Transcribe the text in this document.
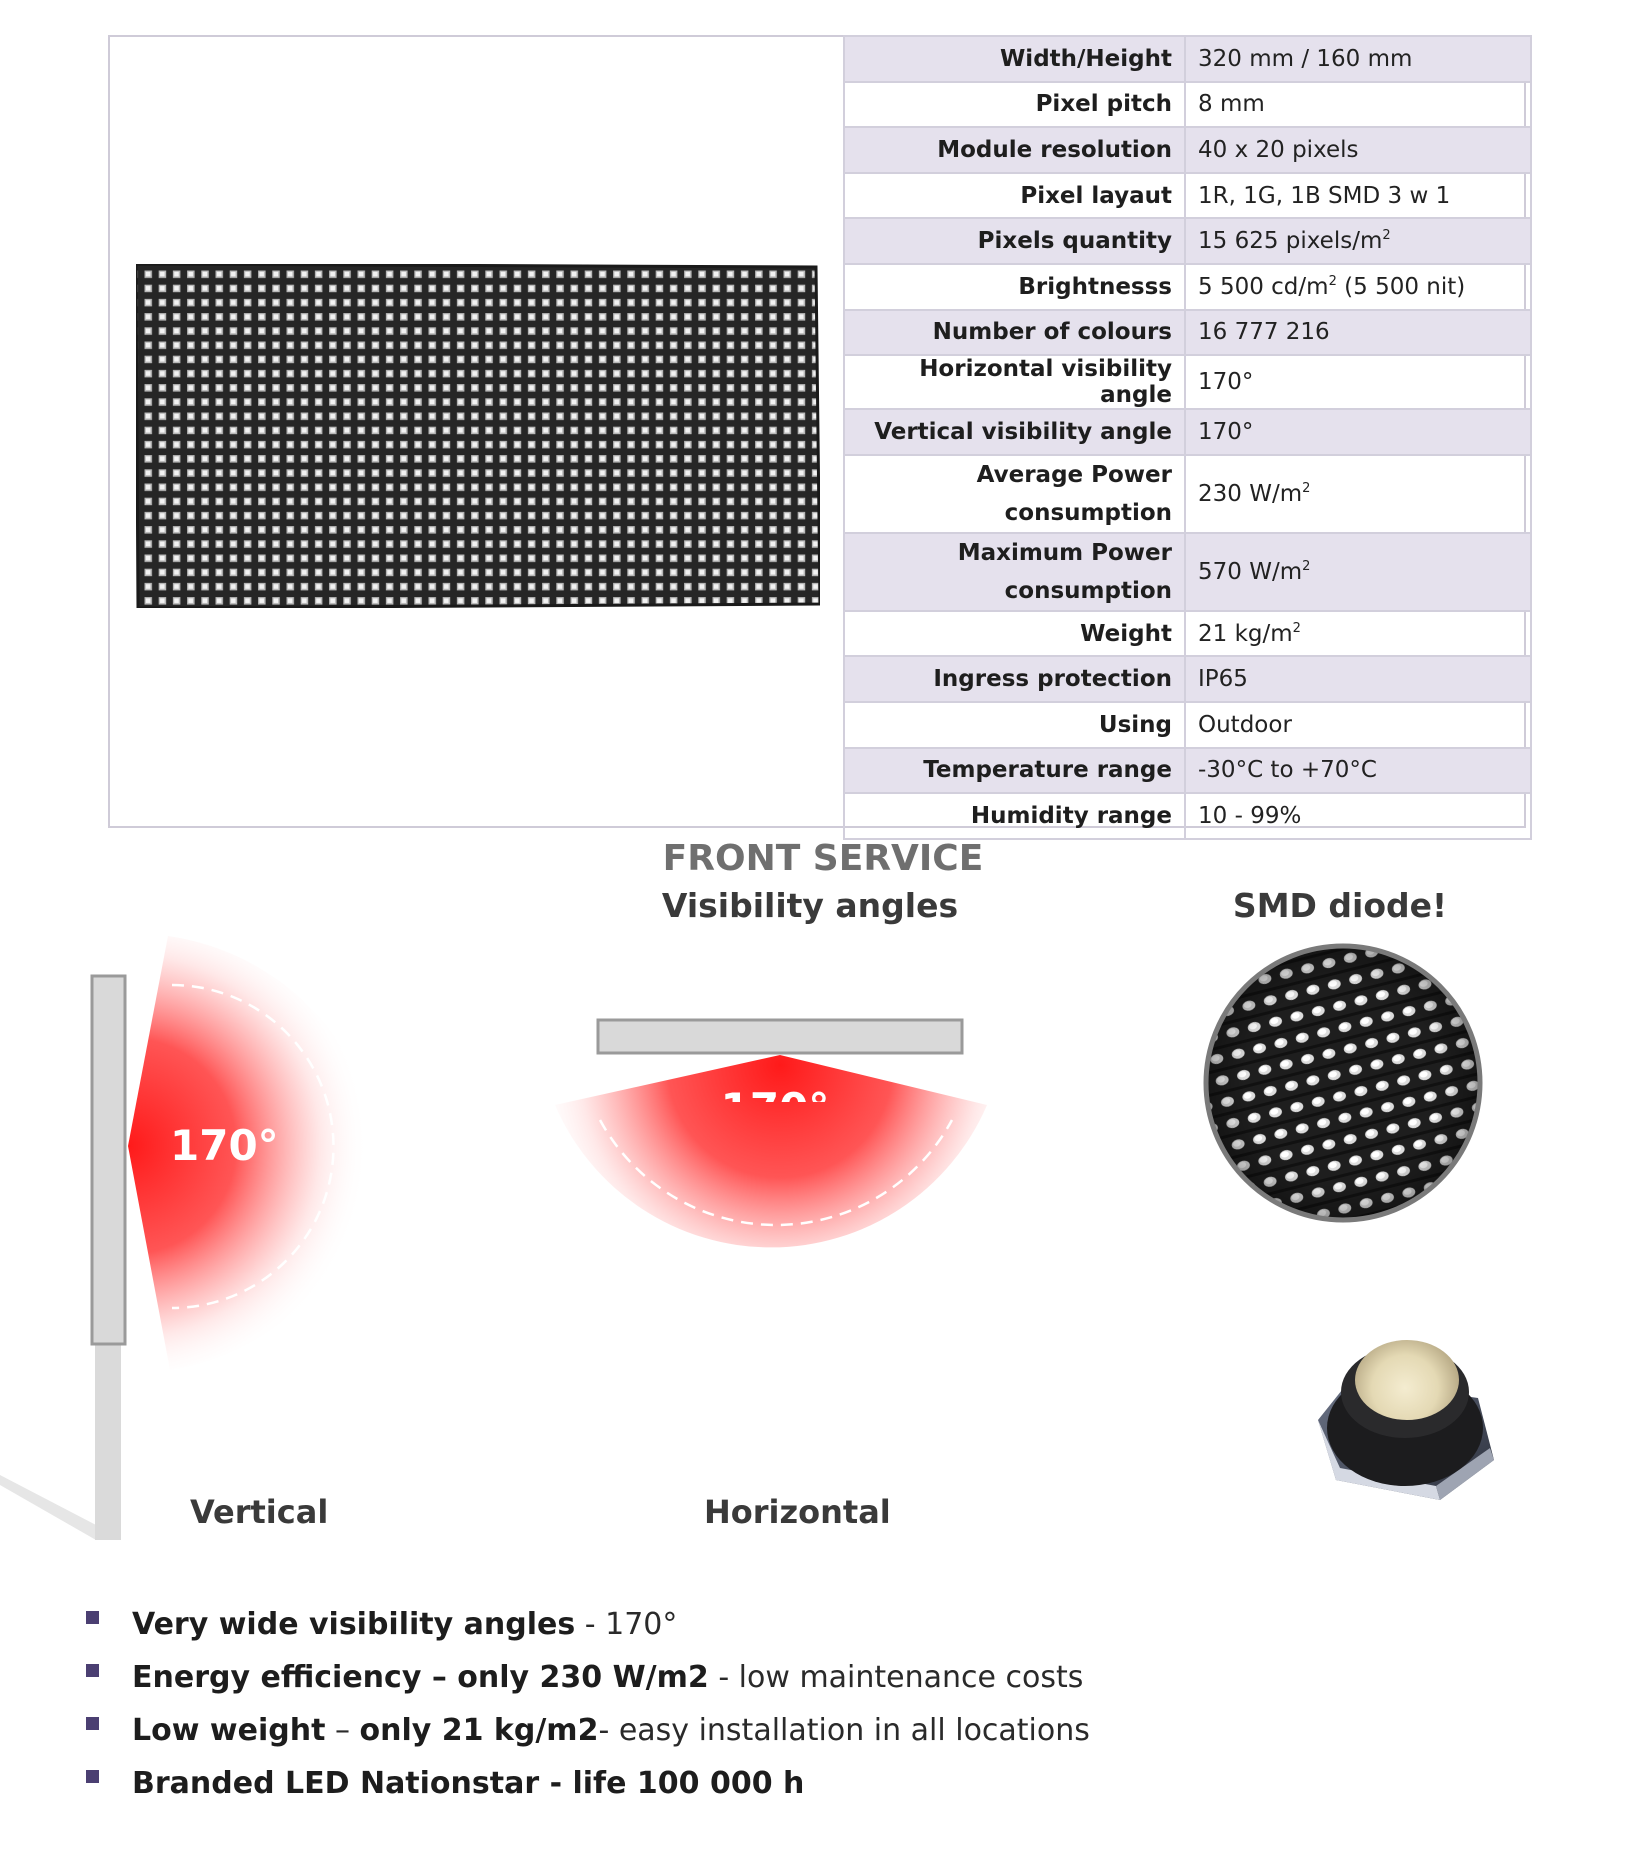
Width/Height	320 mm / 160 mm
Pixel pitch	8 mm
Module resolution	40 x 20 pixels
Pixel layaut	1R, 1G, 1B SMD 3 w 1
Pixels quantity	15 625 pixels/$m^2$
Brightnesss	5 500 $cd/m^2$ (5 500 nit)
Number of colours	16 777 216
Horizontal visibility angle	170°
Vertical visibility angle	170°
Average Power
consumption	230 $W/m^2$
Maximum Power
consumption	570 $W/m^2$
Weight	21 $kg/m^2$
Ingress protection	IP65
Using	Outdoor
Temperature range	-30°C to +70°C
Humidity range	10 - 99%
FRONT SERVICE
Visibility angles	SMD diode!
170°
Vertical	Horizontal
Very wide visibility angles - 170°
Energy efficiency – only 230 W/m2 - low maintenance costs
Low weight – only 21 kg/m2- easy installation in all locations
Branded LED Nationstar - life 100 000 h
